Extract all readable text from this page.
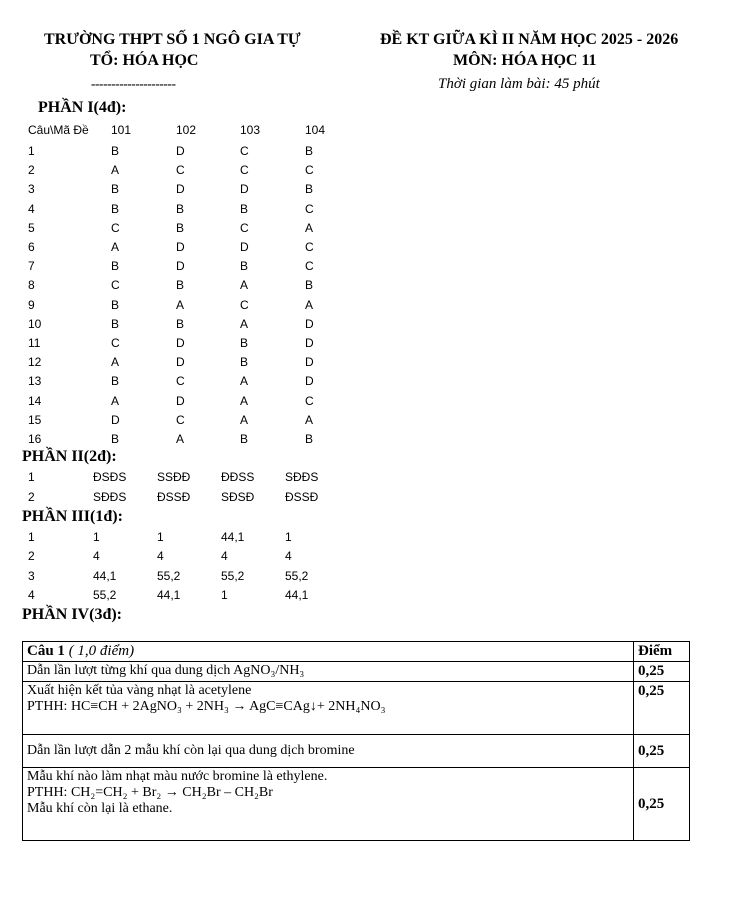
TRƯỜNG THPT SỐ 1 NGÔ GIA TỰ
TỔ: HÓA HỌC
---------------------
ĐỀ KT GIỮA KÌ II NĂM HỌC 2025 - 2026
MÔN: HÓA HỌC 11
Thời gian làm bài: 45 phút
PHẦN I(4đ):
Câu\Mã Đề 101	102	103	104
1	B	D	C	B
2	A	C	C	C
3	B	D	D	B
4	B	B	B	C
5	C	B	C	A
6	A	D	D	C
7	B	D	B	C
8	C	B	A	B
9	B	A	C	A
10	B	B	A	D
11	C	D	B	D
12	A	D	B	D
13	B	C	A	D
14	A	D	A	C
15	D	C	A	A
16	B	A	B	B
PHẦN II(2đ):
1	ĐSĐS	SSĐĐ	ĐĐSS	SĐĐS
2	SĐĐS	ĐSSĐ	SĐSĐ	ĐSSĐ
PHẦN III(1đ):
1	1	1	44,1	1
2	4	4	4	4
3	44,1	55,2	55,2	55,2
4	55,2	44,1	1	44,1
PHẦN IV(3đ):
Câu 1 ( 1,0 điểm)	Điểm

Dẫn lần lượt từng khí qua dung dịch AgNO₃/NH₃	0,25

Xuất hiện kết tủa vàng nhạt là acetylene
PTHH: HC≡CH + 2AgNO₃ + 2NH₃ → AgC≡CAg↓+ 2NH₄NO₃	0,25

Dẫn lần lượt dẫn 2 mẫu khí còn lại qua dung dịch bromine	0,25

Mẫu khí nào làm nhạt màu nước bromine là ethylene.
PTHH: CH₂=CH₂ + Br₂ → CH₂Br – CH₂Br
Mẫu khí còn lại là ethane.	0,25
